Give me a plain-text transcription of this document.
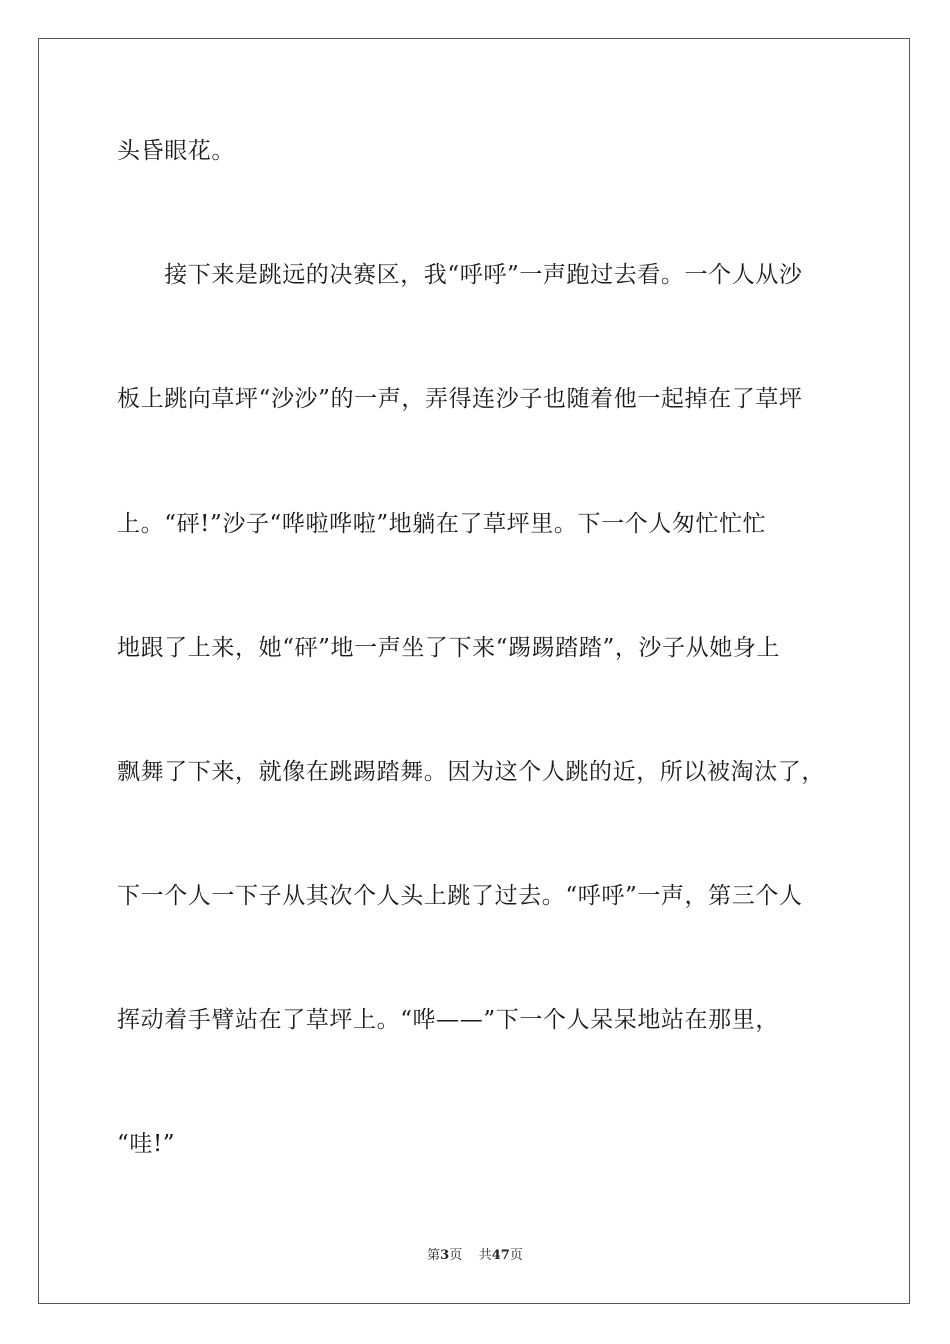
头昏眼花。
　　接下来是跳远的决赛区，我“呼呼”一声跑过去看。一个人从沙
板上跳向草坪“沙沙”的一声，弄得连沙子也随着他一起掉在了草坪
上。“砰!”沙子“哗啦哗啦”地躺在了草坪里。下一个人匆忙忙忙
地跟了上来，她“砰”地一声坐了下来“踢踢踏踏”，沙子从她身上
飘舞了下来，就像在跳踢踏舞。因为这个人跳的近，所以被淘汰了，
下一个人一下子从其次个人头上跳了过去。“呼呼”一声，第三个人
挥动着手臂站在了草坪上。“哗——”下一个人呆呆地站在那里，
“哇!”
第3页 共47页
